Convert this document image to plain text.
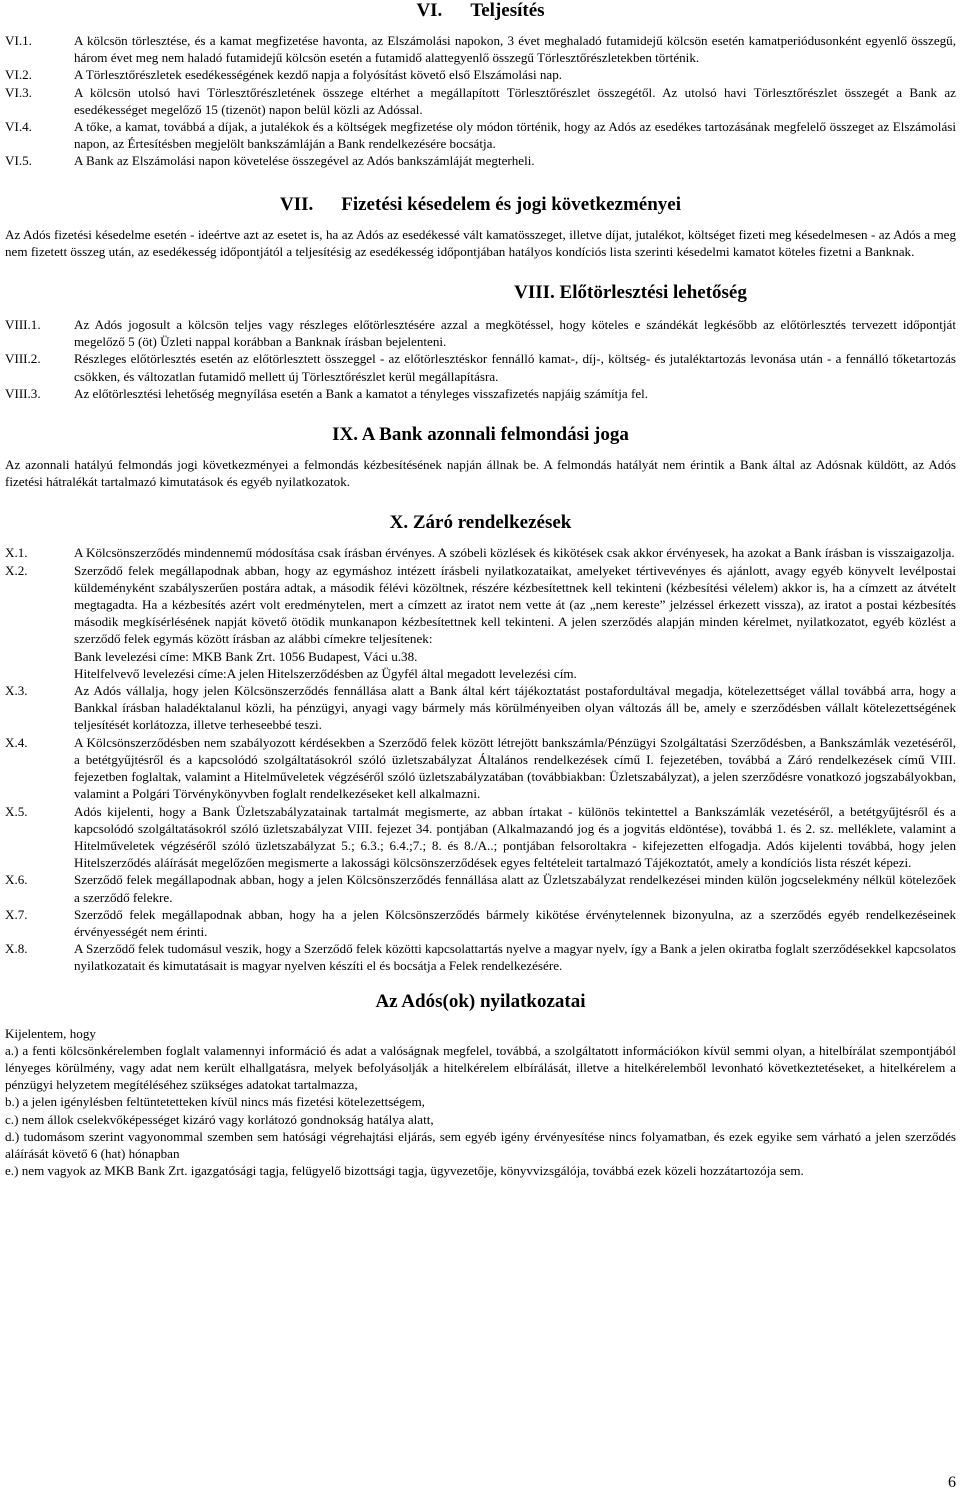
VI. Teljesítés
VI.1.	A kölcsön törlesztése, és a kamat megfizetése havonta, az Elszámolási napokon, 3 évet meghaladó futamidejű kölcsön esetén kamatperiódusonként egyenlő összegű, három évet meg nem haladó futamidejű kölcsön esetén a futamidő alattegyenlő összegű Törlesztőrészletekben történik.
VI.2.	A Törlesztőrészletek esedékességének kezdő napja a folyósítást követő első Elszámolási nap.
VI.3.	A kölcsön utolsó havi Törlesztőrészletének összege eltérhet a megállapított Törlesztőrészlet összegétől. Az utolsó havi Törlesztőrészlet összegét a Bank az esedékességet megelőző 15 (tizenöt) napon belül közli az Adóssal.
VI.4.	A tőke, a kamat, továbbá a díjak, a jutalékok és a költségek megfizetése oly módon történik, hogy az Adós az esedékes tartozásának megfelelő összeget az Elszámolási napon, az Értesítésben megjelölt bankszámláján a Bank rendelkezésére bocsátja.
VI.5.	A Bank az Elszámolási napon követelése összegével az Adós bankszámláját megterheli.
VII. Fizetési késedelem és jogi következményei
Az Adós fizetési késedelme esetén - ideértve azt az esetet is, ha az Adós az esedékessé vált kamatösszeget, illetve díjat, jutalékot, költséget fizeti meg késedelmesen - az Adós a meg nem fizetett összeg után, az esedékesség időpontjától a teljesítésig az esedékesség időpontjában hatályos kondíciós lista szerinti késedelmi kamatot köteles fizetni a Banknak.
VIII. Előtörlesztési lehetőség
VIII.1.	Az Adós jogosult a kölcsön teljes vagy részleges előtörlesztésére azzal a megkötéssel, hogy köteles e szándékát legkésőbb az előtörlesztés tervezett időpontját megelőző 5 (öt) Üzleti nappal korábban a Banknak írásban bejelenteni.
VIII.2.	Részleges előtörlesztés esetén az előtörlesztett összeggel - az előtörlesztéskor fennálló kamat-, díj-, költség- és jutaléktartozás levonása után - a fennálló tőketartozás csökken, és változatlan futamidő mellett új Törlesztőrészlet kerül megállapításra.
VIII.3.	Az előtörlesztési lehetőség megnyílása esetén a Bank a kamatot a tényleges visszafizetés napjáig számítja fel.
IX. A Bank azonnali felmondási joga
Az azonnali hatályú felmondás jogi következményei a felmondás kézbesítésének napján állnak be. A felmondás hatályát nem érintik a Bank által az Adósnak küldött, az Adós fizetési hátralékát tartalmazó kimutatások és egyéb nyilatkozatok.
X. Záró rendelkezések
X.1.	A Kölcsönszerződés mindennemű módosítása csak írásban érvényes. A szóbeli közlések és kikötések csak akkor érvényesek, ha azokat a Bank írásban is visszaigazolja.
X.2.	Szerződő felek megállapodnak abban, hogy az egymáshoz intézett írásbeli nyilatkozataikat, amelyeket tértivevényes és ajánlott, avagy egyéb könyvelt levélpostai küldeményként szabályszerűen postára adtak, a második félévi közöltnek, részére kézbesítettnek kell tekinteni (kézbesítési vélelem) akkor is, ha a címzett az átvételt megtagadta. Ha a kézbesítés azért volt eredménytelen, mert a címzett az iratot nem vette át (az „nem kereste” jelzéssel érkezett vissza), az iratot a postai kézbesítés második megkísérlésének napját követő ötödik munkanapon kézbesítettnek kell tekinteni. A jelen szerződés alapján minden kérelmet, nyilatkozatot, egyéb közlést a szerződő felek egymás között írásban az alábbi címekre teljesítenek:
Bank levelezési címe: MKB Bank Zrt. 1056 Budapest, Váci u.38.
Hitelfelvevő levelezési címe:A jelen Hitelszerződésben az Ügyfél által megadott levelezési cím.
X.3.	Az Adós vállalja, hogy jelen Kölcsönszerződés fennállása alatt a Bank által kért tájékoztatást postafordultával megadja, kötelezettséget vállal továbbá arra, hogy a Bankkal írásban haladéktalanul közli, ha pénzügyi, anyagi vagy bármely más körülményeiben olyan változás áll be, amely e szerződésben vállalt kötelezettségének teljesítését korlátozza, illetve terheseebbé teszi.
X.4.	A Kölcsönszerződésben nem szabályozott kérdésekben a Szerződő felek között létrejött bankszámla/Pénzügyi Szolgáltatási Szerződésben, a Bankszámlák vezetéséről, a betétgyűjtésről és a kapcsolódó szolgáltatásokról szóló üzletszabályzat Általános rendelkezések című I. fejezetében, továbbá a Záró rendelkezések című VIII. fejezetben foglaltak, valamint a Hitelműveletek végzéséről szóló üzletszabályzatában (továbbiakban: Üzletszabályzat), a jelen szerződésre vonatkozó jogszabályokban, valamint a Polgári Törvénykönyvben foglalt rendelkezéseket kell alkalmazni.
X.5.	Adós kijelenti, hogy a Bank Üzletszabályzatainak tartalmát megismerte, az abban írtakat - különös tekintettel a Bankszámlák vezetéséről, a betétgyűjtésről és a kapcsolódó szolgáltatásokról szóló üzletszabályzat VIII. fejezet 34. pontjában (Alkalmazandó jog és a jogvitás eldöntése), továbbá 1. és 2. sz. melléklete, valamint a Hitelműveletek végzéséről szóló üzletszabályzat 5.; 6.3.; 6.4.;7.; 8. és 8./A..; pontjában felsoroltakra - kifejezetten elfogadja. Adós kijelenti továbbá, hogy jelen Hitelszerződés aláírását megelőzően megismerte a lakossági kölcsönszerződések egyes feltételeit tartalmazó Tájékoztatót, amely a kondíciós lista részét képezi.
X.6.	Szerződő felek megállapodnak abban, hogy a jelen Kölcsönszerződés fennállása alatt az Üzletszabályzat rendelkezései minden külön jogcselekmény nélkül kötelezőek a szerződő felekre.
X.7.	Szerződő felek megállapodnak abban, hogy ha a jelen Kölcsönszerződés bármely kikötése érvénytelennek bizonyulna, az a szerződés egyéb rendelkezéseinek érvényességét nem érinti.
X.8.	A Szerződő felek tudomásul veszik, hogy a Szerződő felek közötti kapcsolattartás nyelve a magyar nyelv, így a Bank a jelen okiratba foglalt szerződésekkel kapcsolatos nyilatkozatait és kimutatásait is magyar nyelven készíti el és bocsátja a Felek rendelkezésére.
Az Adós(ok) nyilatkozatai
Kijelentem, hogy
a.) a fenti kölcsönkérelemben foglalt valamennyi információ és adat a valóságnak megfelel, továbbá, a szolgáltatott információkon kívül semmi olyan, a hitelbírálat szempontjából lényeges körülmény, vagy adat nem került elhallgatásra, melyek befolyásolják a hitelkérelem elbírálását, illetve a hitelkérelemből levonható következtetéseket, a hitelkérelem a pénzügyi helyzetem megítéléséhez szükséges adatokat tartalmazza,
b.) a jelen igénylésben feltüntetetteken kívül nincs más fizetési kötelezettségem,
c.) nem állok cselekvőképességet kizáró vagy korlátozó gondnokság hatálya alatt,
d.) tudomásom szerint vagyonommal szemben sem hatósági végrehajtási eljárás, sem egyéb igény érvényesítése nincs folyamatban, és ezek egyike sem várható a jelen szerződés aláírását követő 6 (hat) hónapban
e.) nem vagyok az MKB Bank Zrt. igazgatósági tagja, felügyelő bizottsági tagja, ügyvezetője, könyvvizsgálója, továbbá ezek közeli hozzátartozója sem.
6
